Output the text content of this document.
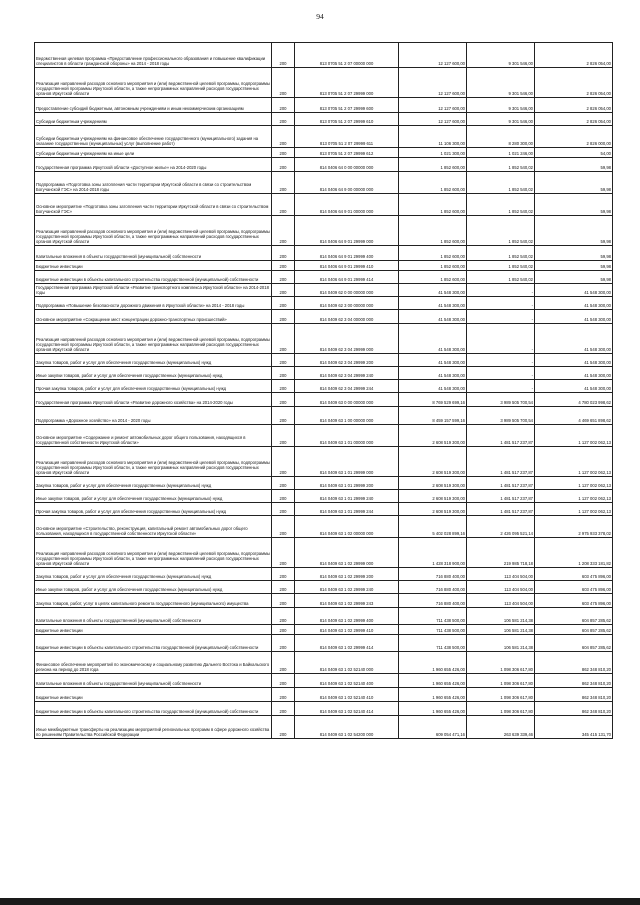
94
Ведомственная целевая программа «Предоставление профессионального образования и повышение квалификации специалистов в области гражданской обороны» на 2014 - 2018 годы	200	813 0705 51 2 07 00000 000	12 127 600,00	9 301 546,00	2 826 054,00
Реализация направлений расходов основного мероприятия и (или) ведомственной целевой программы, подпрограммы государственной программы Иркутской области, а также непрограммных направлений расходов государственных органов Иркутской области	200	813 0705 51 2 07 29999 000	12 127 600,00	9 301 546,00	2 826 054,00
Предоставление субсидий бюджетным, автономным учреждениям и иным некоммерческим организациям	200	813 0705 51 2 07 29999 600	12 127 600,00	9 301 546,00	2 826 054,00
Субсидии бюджетным учреждениям	200	813 0705 51 2 07 29999 610	12 127 600,00	9 301 546,00	2 826 054,00
Субсидии бюджетным учреждениям на финансовое обеспечение государственного (муниципального) задания на оказание государственных (муниципальных) услуг (выполнение работ)	200	813 0705 51 2 07 29999 611	11 106 300,00	8 280 300,00	2 826 000,00
Субсидии бюджетным учреждениям на иные цели	200	813 0705 51 2 07 29999 612	1 021 300,00	1 021 246,00	54,00
Государственная программа Иркутской области «Доступное жилье» на 2014-2020 годы	200	814 0406 64 0 00 00000 000	1 852 600,00	1 852 540,02	59,98
Подпрограмма «Подготовка зоны затопления части территории Иркутской области в связи со строительством Богучанской ГЭС» на 2014-2018 годы	200	814 0406 64 9 00 00000 000	1 852 600,00	1 852 540,02	59,98
Основное мероприятие «Подготовка зоны затопления части территории Иркутской области в связи со строительством Богучанской ГЭС»	200	814 0406 64 9 01 00000 000	1 852 600,00	1 852 540,02	59,98
Реализация направлений расходов основного мероприятия и (или) ведомственной целевой программы, подпрограммы государственной программы Иркутской области, а также непрограммных направлений расходов государственных органов Иркутской области	200	814 0406 64 9 01 29999 000	1 852 600,00	1 852 540,02	59,98
Капитальные вложения в объекты государственной (муниципальной) собственности	200	814 0406 64 9 01 29999 400	1 852 600,00	1 852 540,02	59,98
Бюджетные инвестиции	200	814 0406 64 9 01 29999 410	1 852 600,00	1 852 540,02	59,98
Бюджетные инвестиции в объекты капитального строительства государственной (муниципальной) собственности	200	814 0406 64 9 01 29999 414	1 852 600,00	1 852 540,02	59,98
Государственная программа Иркутской области «Развитие транспортного комплекса Иркутской области» на 2014-2018 годы	200	814 0409 62 0 00 00000 000	41 548 300,00	-	41 548 300,00
Подпрограмма «Повышение безопасности дорожного движения в Иркутской области» на 2014 - 2018 годы	200	814 0409 62 3 00 00000 000	41 548 300,00	-	41 548 300,00
Основное мероприятие «Сокращение мест концентрации дорожно-транспортных происшествий»	200	814 0409 62 3 04 00000 000	41 548 300,00	-	41 548 300,00
Реализация направлений расходов основного мероприятия и (или) ведомственной целевой программы, подпрограммы государственной программы Иркутской области, а также непрограммных направлений расходов государственных органов Иркутской области	200	814 0409 62 3 04 29999 000	41 548 300,00	-	41 548 300,00
Закупка товаров, работ и услуг для обеспечения государственных (муниципальных) нужд	200	814 0409 62 3 04 29999 200	41 548 300,00	-	41 548 300,00
Иные закупки товаров, работ и услуг для обеспечения государственных (муниципальных) нужд	200	814 0409 62 3 04 29999 240	41 548 300,00	-	41 548 300,00
Прочая закупка товаров, работ и услуг для обеспечения государственных (муниципальных) нужд	200	814 0409 62 3 04 29999 244	41 548 300,00	-	41 548 300,00
Государственная программа Иркутской области «Развитие дорожного хозяйства» на 2014-2020 годы	200	814 0409 63 0 00 00000 000	8 769 529 699,16	3 989 505 700,54	4 780 023 998,62
Подпрограмма «Дорожное хозяйство» на 2014 - 2020 годы	200	814 0409 63 1 00 00000 000	8 459 157 599,16	3 989 505 700,54	4 469 651 898,62
Основное мероприятие «Содержание и ремонт автомобильных дорог общего пользования, находящихся в государственной собственности Иркутской области»	200	814 0409 63 1 01 00000 000	2 608 519 300,00	1 481 517 237,87	1 127 002 062,13
Реализация направлений расходов основного мероприятия и (или) ведомственной целевой программы, подпрограммы государственной программы Иркутской области, а также непрограммных направлений расходов государственных органов Иркутской области	200	814 0409 63 1 01 29999 000	2 608 519 300,00	1 481 517 237,87	1 127 002 062,13
Закупка товаров, работ и услуг для обеспечения государственных (муниципальных) нужд	200	814 0409 63 1 01 29999 200	2 608 519 300,00	1 481 517 237,87	1 127 002 062,13
Иные закупки товаров, работ и услуг для обеспечения государственных (муниципальных) нужд	200	814 0409 63 1 01 29999 240	2 608 519 300,00	1 481 517 237,87	1 127 002 062,13
Прочая закупка товаров, работ и услуг для обеспечения государственных (муниципальных) нужд	200	814 0409 63 1 01 29999 244	2 608 519 300,00	1 481 517 237,87	1 127 002 062,13
Основное мероприятие «Строительство, реконструкция, капитальный ремонт автомобильных дорог общего пользования, находящихся в государственной собственности Иркутской области»	200	814 0409 63 1 02 00000 000	5 402 028 899,16	2 426 095 521,14	2 975 933 378,02
Реализация направлений расходов основного мероприятия и (или) ведомственной целевой программы, подпрограммы государственной программы Иркутской области, а также непрограммных направлений расходов государственных органов Иркутской области	200	814 0409 63 1 02 29999 000	1 428 318 900,00	219 985 718,18	1 208 333 181,82
Закупка товаров, работ и услуг для обеспечения государственных (муниципальных) нужд	200	814 0409 63 1 02 29999 200	716 880 400,00	113 404 504,00	603 475 896,00
Иные закупки товаров, работ и услуг для обеспечения государственных (муниципальных) нужд	200	814 0409 63 1 02 29999 240	716 880 400,00	113 404 504,00	603 475 896,00
Закупка товаров, работ, услуг в целях капитального ремонта государственного (муниципального) имущества	200	814 0409 63 1 02 29999 243	716 880 400,00	113 404 504,00	603 475 896,00
Капитальные вложения в объекты государственной (муниципальной) собственности	200	814 0409 63 1 02 29999 400	711 438 500,00	106 581 214,38	604 857 285,62
Бюджетные инвестиции	200	814 0409 63 1 02 29999 410	711 438 500,00	106 581 214,38	604 857 285,62
Бюджетные инвестиции в объекты капитального строительства государственной (муниципальной) собственности	200	814 0409 63 1 02 29999 414	711 438 500,00	106 581 214,38	604 857 285,62
Финансовое обеспечение мероприятий по экономическому и социальному развитию Дальнего Востока и Байкальского региона на период до 2018 года	200	814 0409 63 1 02 52140 000	1 960 655 426,00	1 098 306 617,80	862 348 810,20
Капитальные вложения в объекты государственной (муниципальной) собственности	200	814 0409 63 1 02 52140 400	1 960 655 426,00	1 098 306 617,80	862 348 810,20
Бюджетные инвестиции	200	814 0409 63 1 02 52140 410	1 960 655 426,00	1 098 306 617,80	862 348 810,20
Бюджетные инвестиции в объекты капитального строительства государственной (муниципальной) собственности	200	814 0409 63 1 02 52140 414	1 960 655 426,00	1 098 306 617,80	862 348 810,20
Иные межбюджетные трансферты на реализацию мероприятий региональных программ в сфере дорожного хозяйства по решениям Правительства Российской Федерации	200	814 0409 63 1 02 54200 000	609 054 471,16	263 639 339,46	345 415 131,70
